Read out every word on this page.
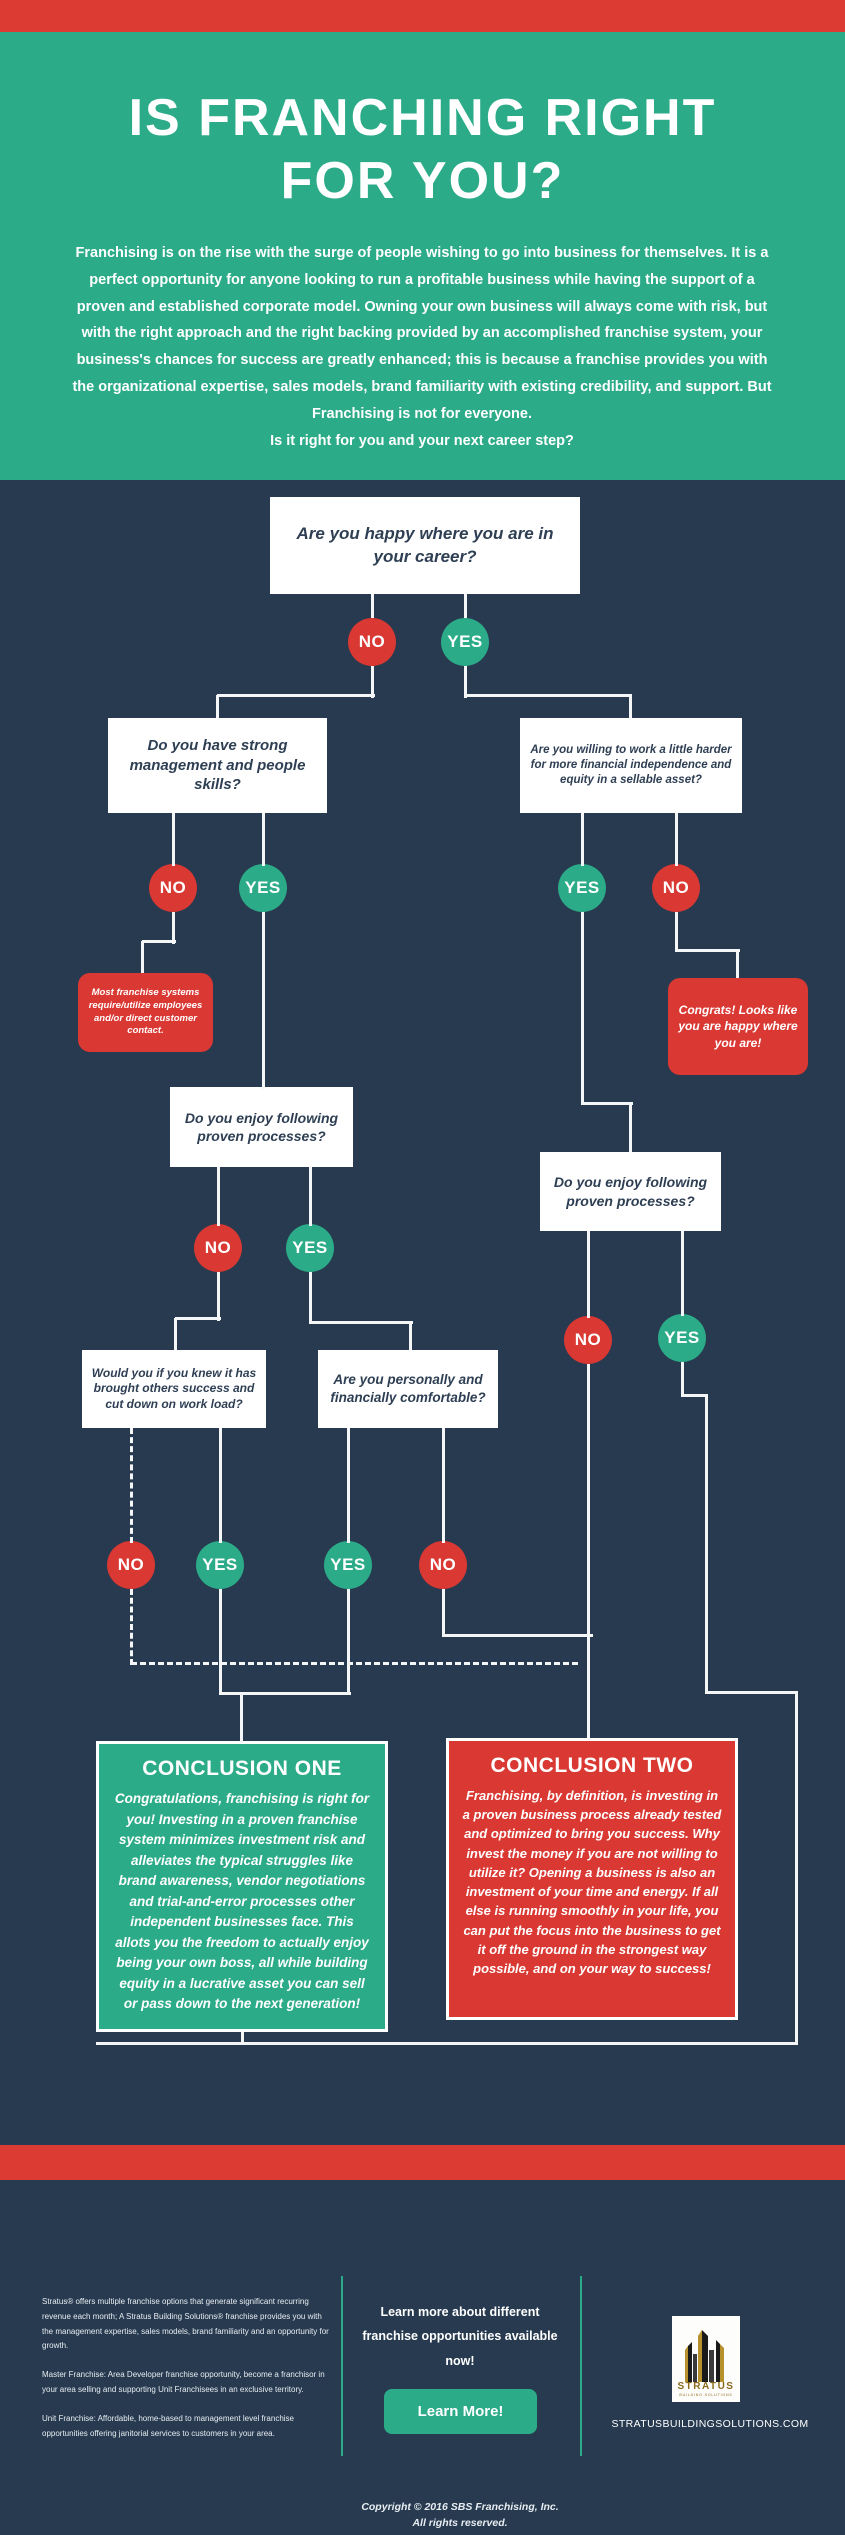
IS FRANCHING RIGHT
FOR YOU?
Franchising is on the rise with the surge of people wishing to go into business for themselves. It is a perfect opportunity for anyone looking to run a profitable business while having the support of a proven and established corporate model. Owning your own business will always come with risk, but with the right approach and the right backing provided by an accomplished franchise system, your business's chances for success are greatly enhanced; this is because a franchise provides you with the organizational expertise, sales models, brand familiarity with existing credibility, and support. But Franchising is not for everyone.
Is it right for you and your next career step?
Are you happy where you are in your career?
Do you have strong management and people skills?
Are you willing to work a little harder for more financial independence and equity in a sellable asset?
Most franchise systems require/utilize employees and/or direct customer contact.
Congrats! Looks like you are happy where you are!
Do you enjoy following proven processes?
Do you enjoy following proven processes?
Would you if you knew it has brought others success and cut down on work load?
Are you personally and financially comfortable?
NO	YES
NO	YES	YES	NO
NO	YES
NO	YES
NO	YES	YES	NO
CONCLUSION ONE
Congratulations, franchising is right for you! Investing in a proven franchise system minimizes investment risk and alleviates the typical struggles like brand awareness, vendor negotiations and trial-and-error processes other independent businesses face. This allots you the freedom to actually enjoy being your own boss, all while building equity in a lucrative asset you can sell or pass down to the next generation!
CONCLUSION TWO
Franchising, by definition, is investing in a proven business process already tested and optimized to bring you success. Why invest the money if you are not willing to utilize it? Opening a business is also an investment of your time and energy. If all else is running smoothly in your life, you can put the focus into the business to get it off the ground in the strongest way possible, and on your way to success!

Stratus® offers multiple franchise options that generate significant recurring revenue each month; A Stratus Building Solutions® franchise provides you with the management expertise, sales models, brand familiarity and an opportunity for growth.

Master Franchise: Area Developer franchise opportunity, become a franchisor in your area selling and supporting Unit Franchisees in an exclusive territory.

Unit Franchise: Affordable, home-based to management level franchise opportunities offering janitorial services to customers in your area.

Learn more about different franchise opportunities available now!
Learn More!
STRATUS
BUILDING SOLUTIONS
STRATUSBUILDINGSOLUTIONS.COM
Copyright © 2016 SBS Franchising, Inc.
All rights reserved.
